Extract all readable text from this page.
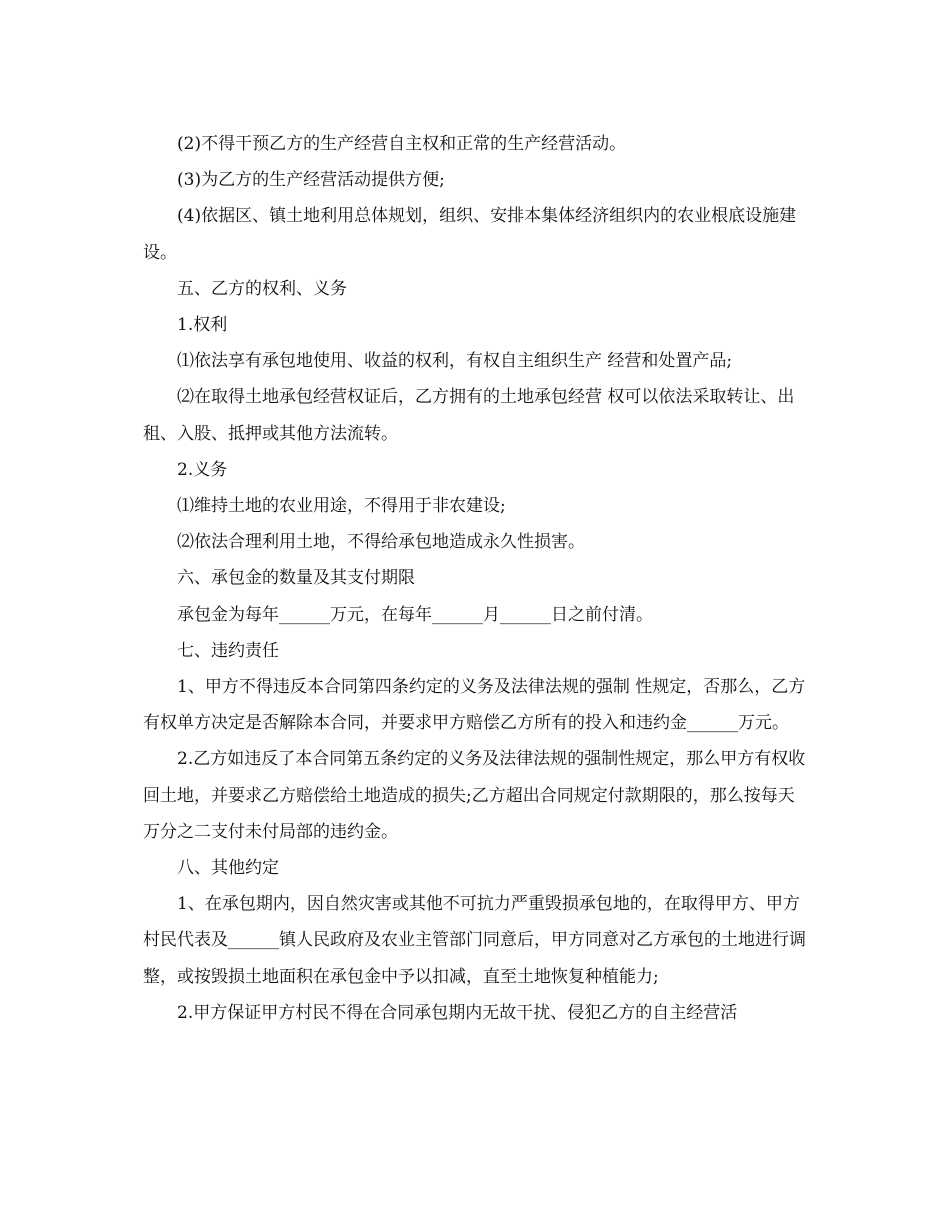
(2)不得干预乙方的生产经营自主权和正常的生产经营活动。

(3)为乙方的生产经营活动提供方便;

(4)依据区、镇土地利用总体规划，组织、安排本集体经济组织内的农业根底设施建设。

五、乙方的权利、义务

1.权利

⑴依法享有承包地使用、收益的权利，有权自主组织生产 经营和处置产品;

⑵在取得土地承包经营权证后，乙方拥有的土地承包经营 权可以依法采取转让、出租、入股、抵押或其他方法流转。

2.义务

⑴维持土地的农业用途，不得用于非农建设;

⑵依法合理利用土地，不得给承包地造成永久性损害。

六、承包金的数量及其支付期限

承包金为每年______万元，在每年______月______日之前付清。

七、违约责任

1、甲方不得违反本合同第四条约定的义务及法律法规的强制 性规定，否那么，乙方有权单方决定是否解除本合同，并要求甲方赔偿乙方所有的投入和违约金______万元。

2.乙方如违反了本合同第五条约定的义务及法律法规的强制性规定，那么甲方有权收回土地，并要求乙方赔偿给土地造成的损失;乙方超出合同规定付款期限的，那么按每天万分之二支付未付局部的违约金。

八、其他约定

1、在承包期内，因自然灾害或其他不可抗力严重毁损承包地的，在取得甲方、甲方村民代表及______镇人民政府及农业主管部门同意后，甲方同意对乙方承包的土地进行调整，或按毁损土地面积在承包金中予以扣减，直至土地恢复种植能力;

2.甲方保证甲方村民不得在合同承包期内无故干扰、侵犯乙方的自主经营活
